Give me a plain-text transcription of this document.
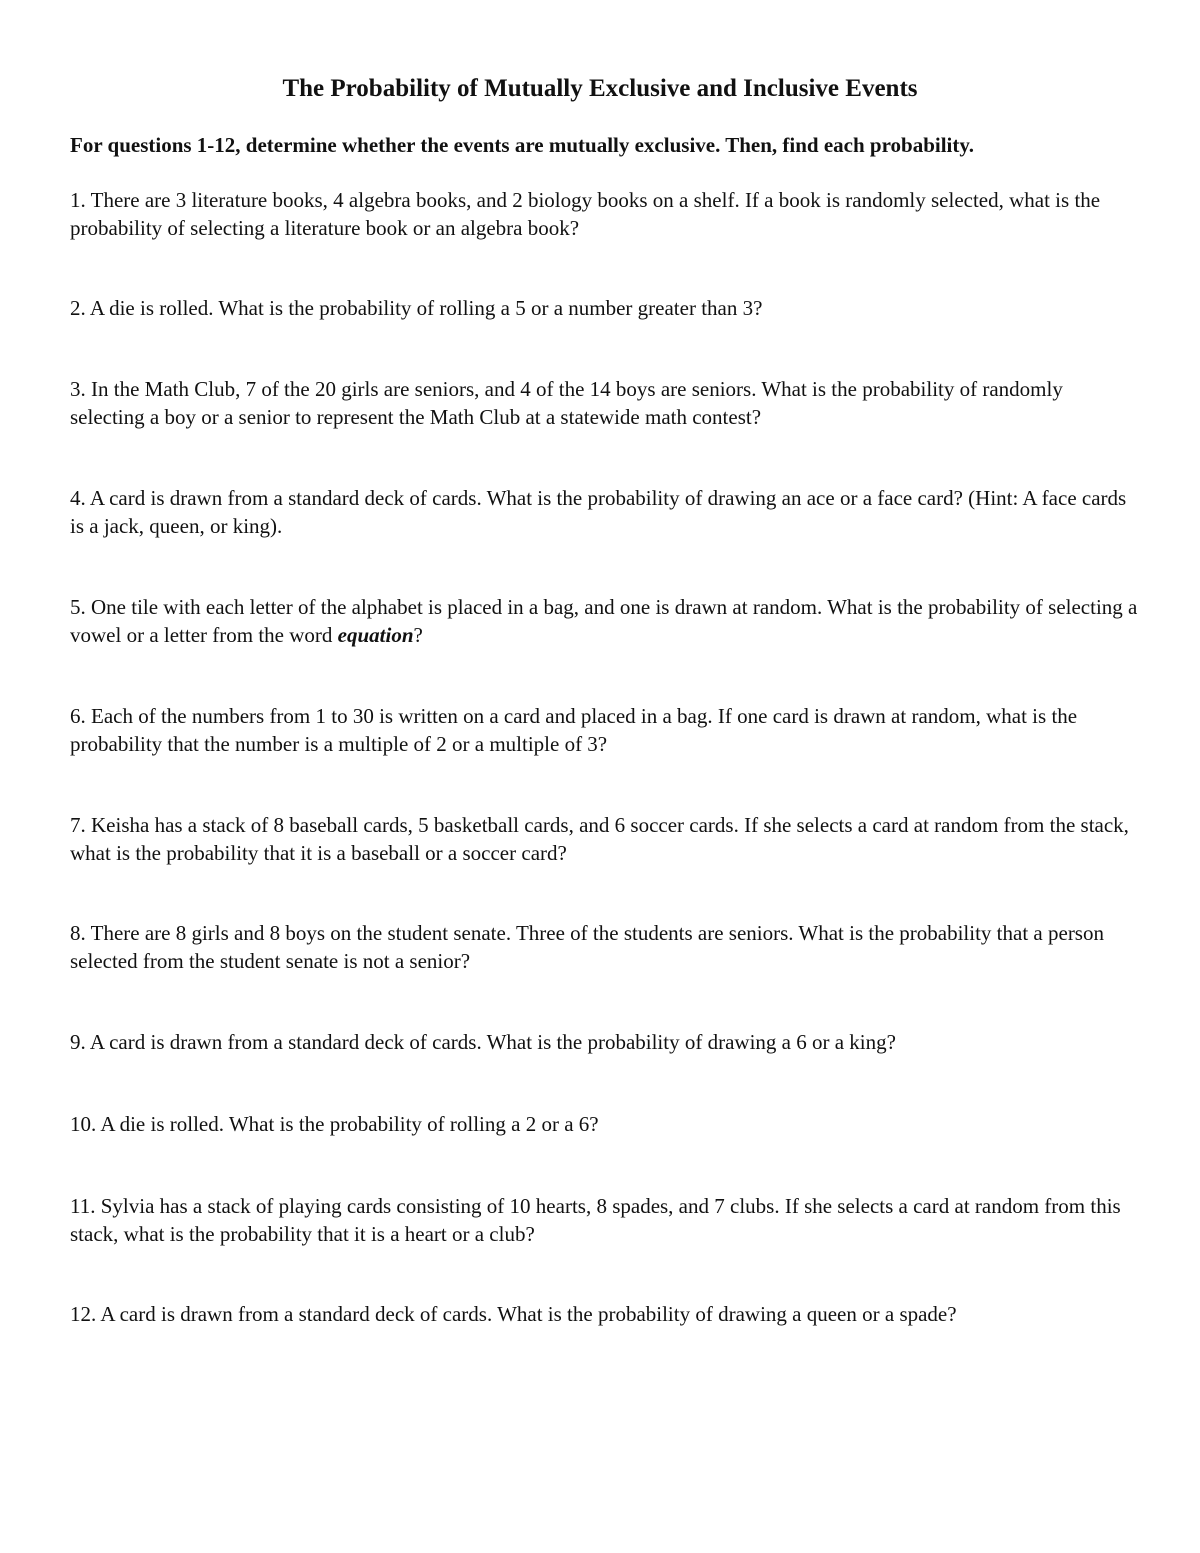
The Probability of Mutually Exclusive and Inclusive Events

For questions 1-12, determine whether the events are mutually exclusive. Then, find each probability.

1. There are 3 literature books, 4 algebra books, and 2 biology books on a shelf. If a book is randomly selected, what is the probability of selecting a literature book or an algebra book?

2. A die is rolled. What is the probability of rolling a 5 or a number greater than 3?

3. In the Math Club, 7 of the 20 girls are seniors, and 4 of the 14 boys are seniors. What is the probability of randomly selecting a boy or a senior to represent the Math Club at a statewide math contest?

4. A card is drawn from a standard deck of cards. What is the probability of drawing an ace or a face card? (Hint: A face cards is a jack, queen, or king).

5. One tile with each letter of the alphabet is placed in a bag, and one is drawn at random. What is the probability of selecting a vowel or a letter from the word equation?

6. Each of the numbers from 1 to 30 is written on a card and placed in a bag. If one card is drawn at random, what is the probability that the number is a multiple of 2 or a multiple of 3?

7. Keisha has a stack of 8 baseball cards, 5 basketball cards, and 6 soccer cards. If she selects a card at random from the stack, what is the probability that it is a baseball or a soccer card?

8. There are 8 girls and 8 boys on the student senate. Three of the students are seniors. What is the probability that a person selected from the student senate is not a senior?

9. A card is drawn from a standard deck of cards. What is the probability of drawing a 6 or a king?

10. A die is rolled. What is the probability of rolling a 2 or a 6?

11. Sylvia has a stack of playing cards consisting of 10 hearts, 8 spades, and 7 clubs. If she selects a card at random from this stack, what is the probability that it is a heart or a club?

12. A card is drawn from a standard deck of cards. What is the probability of drawing a queen or a spade?
